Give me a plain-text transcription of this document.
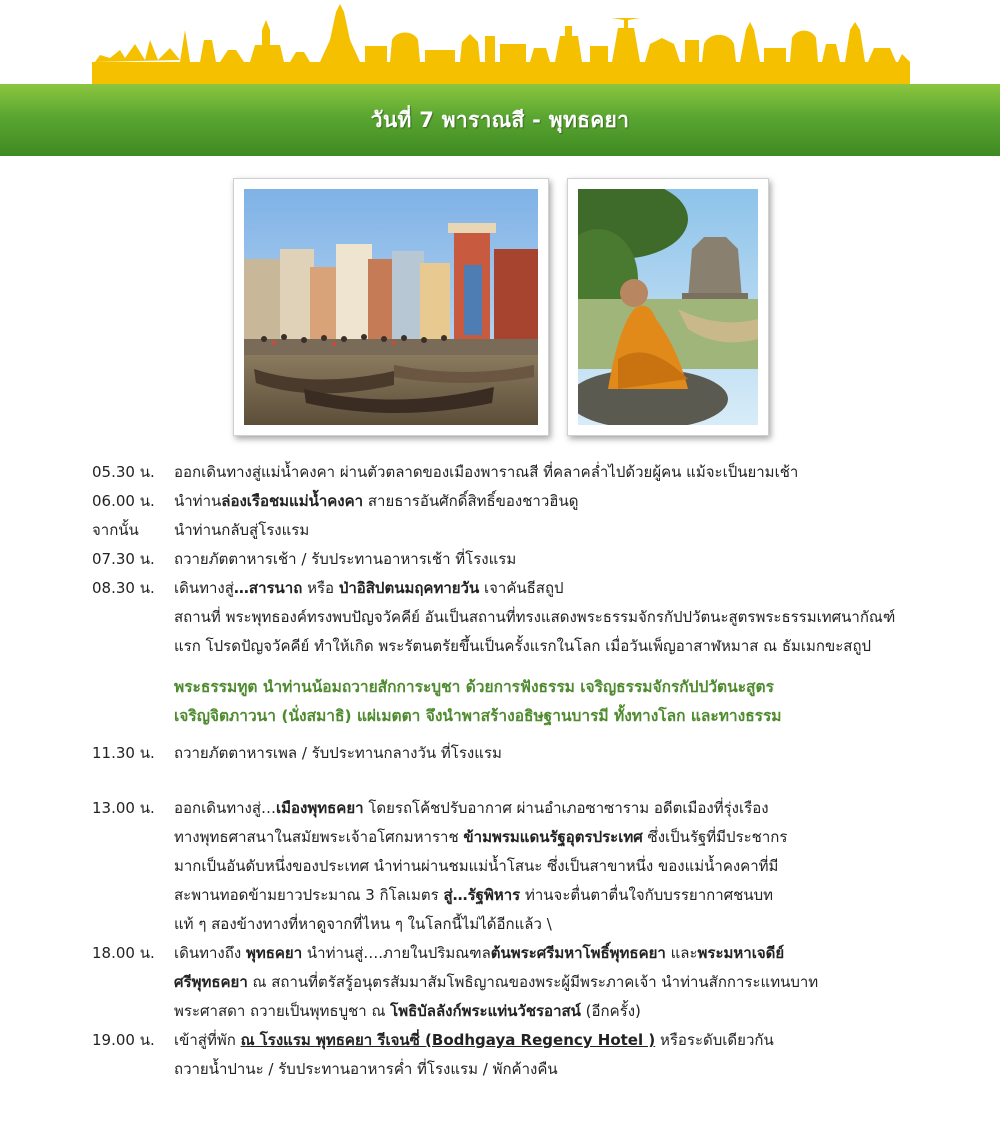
วันที่ 7 พาราณสี - พุทธคยา
05.30 น.	ออกเดินทางสู่แม่น้ำคงคา ผ่านตัวตลาดของเมืองพาราณสี ที่คลาคล่ำไปด้วยผู้คน แม้จะเป็นยามเช้า
06.00 น.	นำท่านล่องเรือชมแม่น้ำคงคา สายธารอันศักดิ์สิทธิ์ของชาวฮินดู
จากนั้น	นำท่านกลับสู่โรงแรม
07.30 น.	ถวายภัตตาหารเช้า / รับประทานอาหารเช้า ที่โรงแรม
08.30 น.	เดินทางสู่…สารนาถ หรือ ป่าอิสิปตนมฤคทายวัน เจาคันธีสถูป
สถานที่ พระพุทธองค์ทรงพบปัญจวัคคีย์ อันเป็นสถานที่ทรงแสดงพระธรรมจักรกัปปวัตนะสูตรพระธรรมเทศนากัณฑ์แรก โปรดปัญจวัคคีย์ ทำให้เกิด พระรัตนตรัยขึ้นเป็นครั้งแรกในโลก เมื่อวันเพ็ญอาสาฬหมาส ณ ธัมเมกขะสถูป
พระธรรมทูต นำท่านน้อมถวายสักการะบูชา ด้วยการฟังธรรม เจริญธรรมจักรกัปปวัตนะสูตร
เจริญจิตภาวนา (นั่งสมาธิ) แผ่เมตตา จึงนำพาสร้างอธิษฐานบารมี ทั้งทางโลก และทางธรรม
11.30 น.	ถวายภัตตาหารเพล / รับประทานกลางวัน ที่โรงแรม
13.00 น.	ออกเดินทางสู่…เมืองพุทธคยา โดยรถโค้ชปรับอากาศ ผ่านอำเภอซาซาราม อดีตเมืองที่รุ่งเรือง
ทางพุทธศาสนาในสมัยพระเจ้าอโศกมหาราช ข้ามพรมแดนรัฐอุตรประเทศ ซึ่งเป็นรัฐที่มีประชากร
มากเป็นอันดับหนึ่งของประเทศ นำท่านผ่านชมแม่น้ำโสนะ ซึ่งเป็นสาขาหนึ่ง ของแม่น้ำคงคาที่มี
สะพานทอดข้ามยาวประมาณ 3 กิโลเมตร สู่…รัฐพิหาร ท่านจะตื่นตาตื่นใจกับบรรยากาศชนบท
แท้ ๆ สองข้างทางที่หาดูจากที่ไหน ๆ ในโลกนี้ไม่ได้อีกแล้ว \
18.00 น.	เดินทางถึง พุทธคยา นำท่านสู่….ภายในปริมณฑลต้นพระศรีมหาโพธิ์พุทธคยา และพระมหาเจดีย์
ศรีพุทธคยา ณ สถานที่ตรัสรู้อนุตรสัมมาสัมโพธิญาณของพระผู้มีพระภาคเจ้า นำท่านสักการะแทนบาท
พระศาสดา ถวายเป็นพุทธบูชา ณ โพธิบัลลังก์พระแท่นวัชรอาสน์ (อีกครั้ง)
19.00 น.	เข้าสู่ที่พัก ณ โรงแรม พุทธคยา รีเจนซี่ (Bodhgaya Regency Hotel ) หรือระดับเดียวกัน
ถวายน้ำปานะ / รับประทานอาหารค่ำ ที่โรงแรม / พักค้างคืน
